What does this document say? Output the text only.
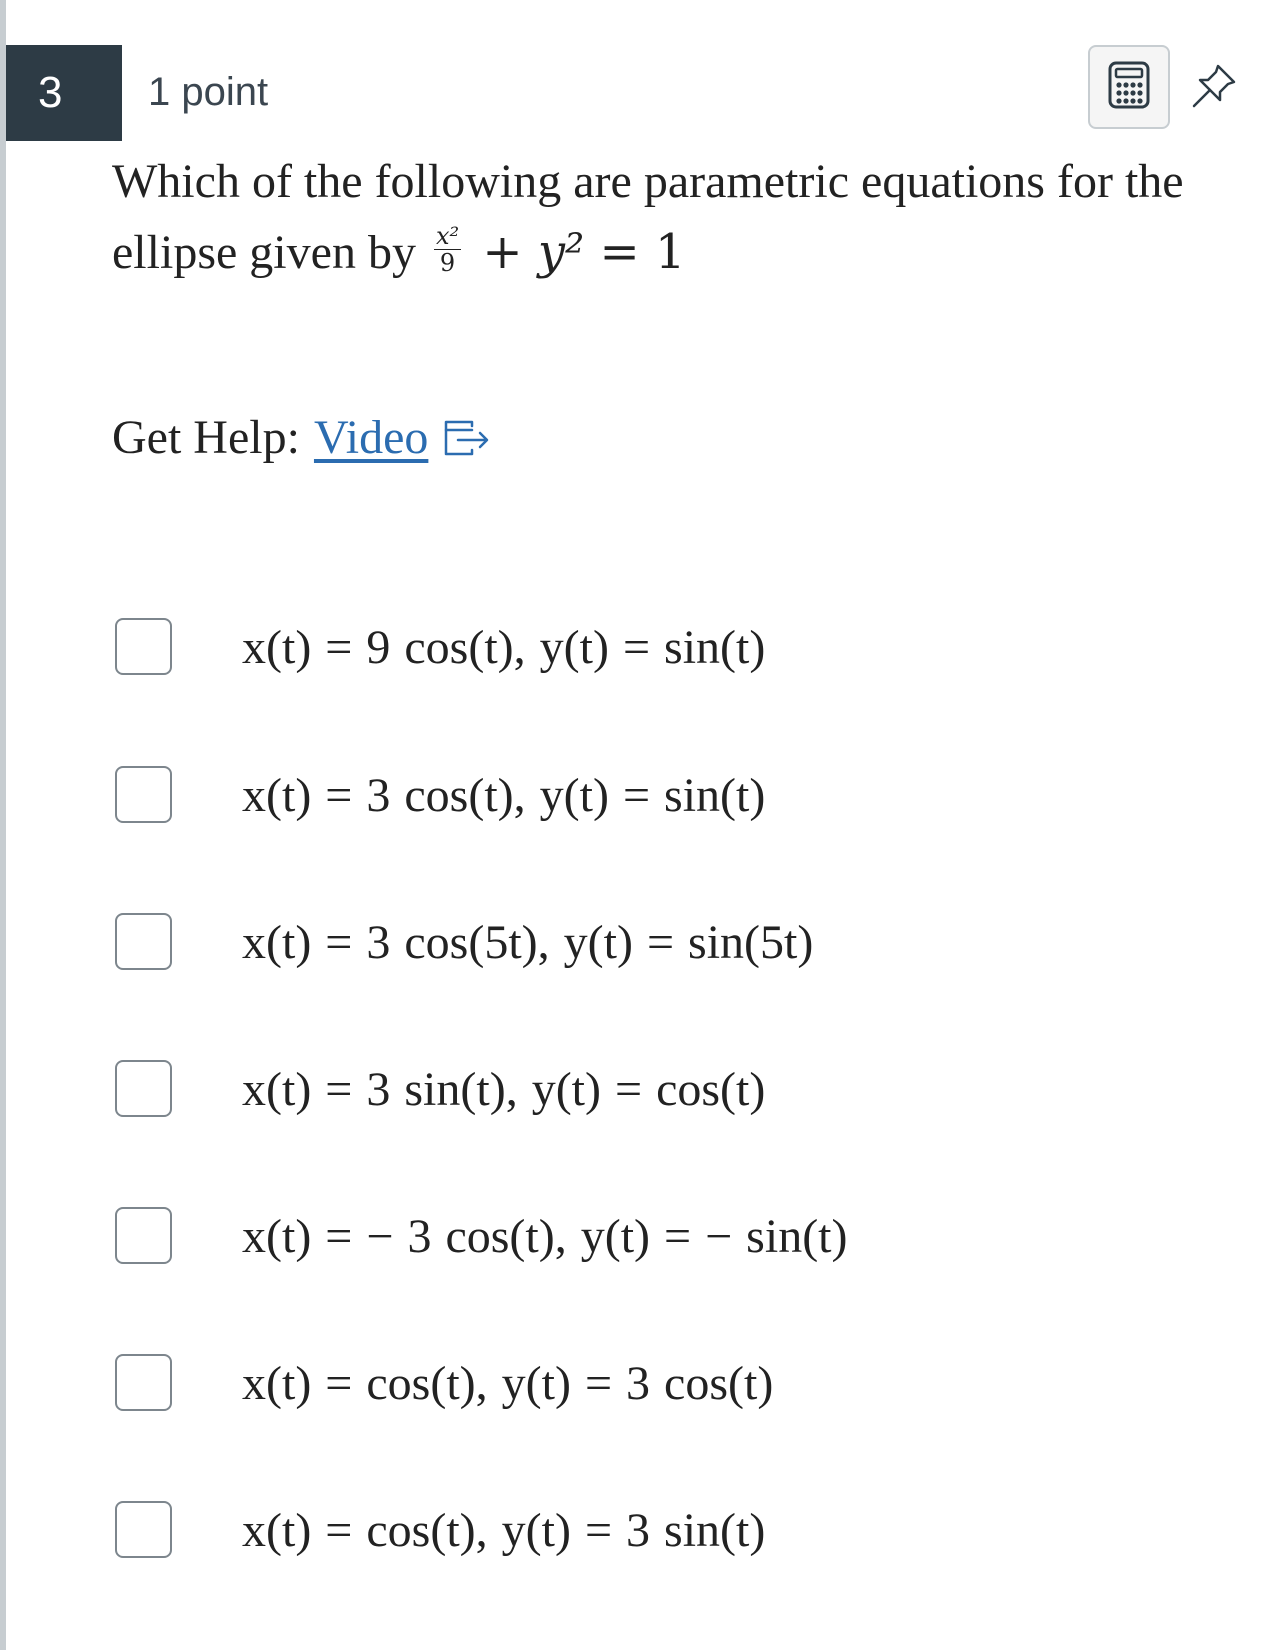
3	1 point
Which of the following are parametric equations for the
ellipse given by $\frac{\text{x²}}{9} + y^2 = 1$
Get Help: Video
x(t) = 9 cos(t), y(t) = sin(t)
x(t) = 3 cos(t), y(t) = sin(t)
x(t) = 3 cos(5t), y(t) = sin(5t)
x(t) = 3 sin(t), y(t) = cos(t)
x(t) = − 3 cos(t), y(t) = − sin(t)
x(t) = cos(t), y(t) = 3 cos(t)
x(t) = cos(t), y(t) = 3 sin(t)
